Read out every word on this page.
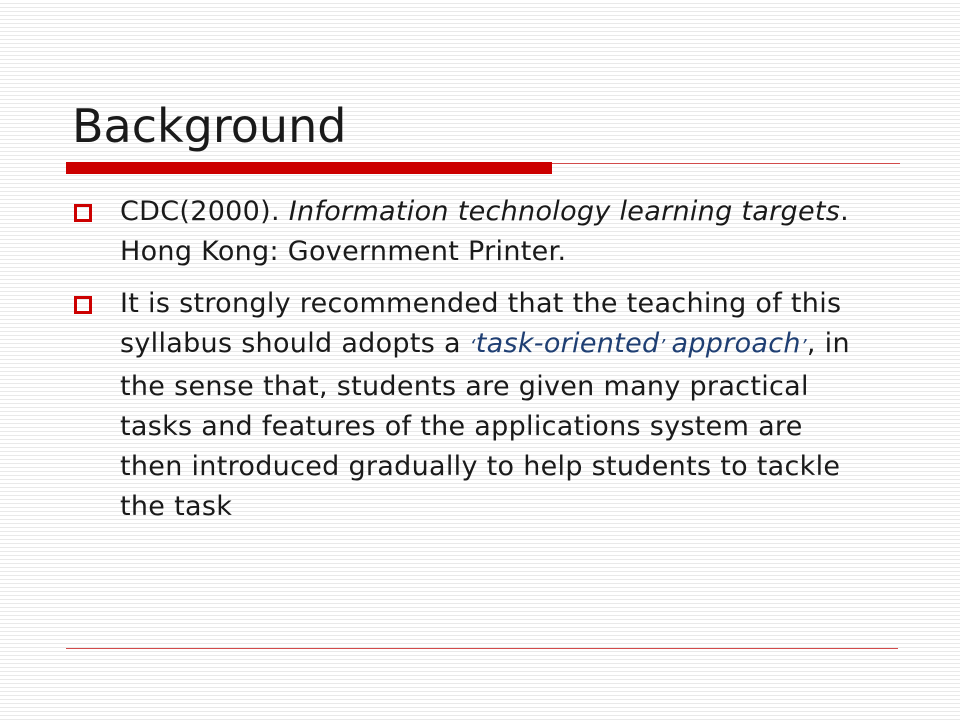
Background
CDC(2000). Information technology learning targets. Hong Kong: Government Printer.
It is strongly recommended that the teaching of this syllabus should adopts a ‘task-oriented’ approach’, in the sense that, students are given many practical tasks and features of the applications system are then introduced gradually to help students to tackle the task
